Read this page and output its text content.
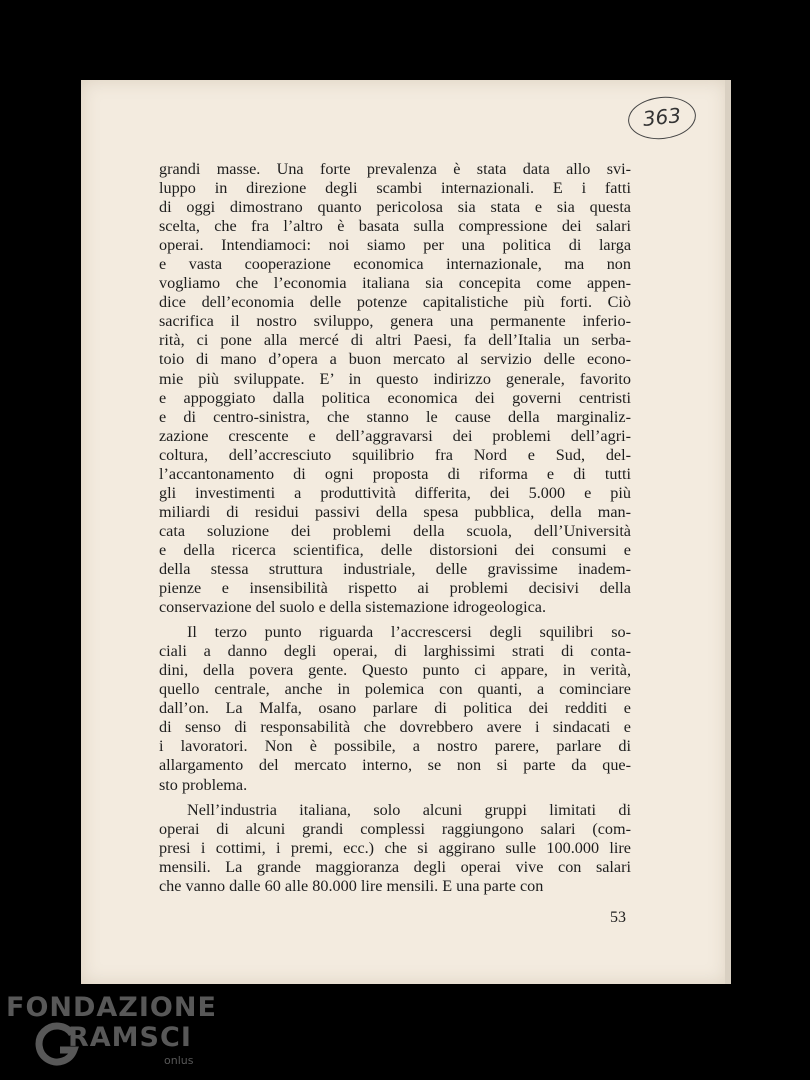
363
grandi masse. Una forte prevalenza è stata data allo svi-
luppo in direzione degli scambi internazionali. E i fatti
di oggi dimostrano quanto pericolosa sia stata e sia questa
scelta, che fra l’altro è basata sulla compressione dei salari
operai. Intendiamoci: noi siamo per una politica di larga
e vasta cooperazione economica internazionale, ma non
vogliamo che l’economia italiana sia concepita come appen-
dice dell’economia delle potenze capitalistiche più forti. Ciò
sacrifica il nostro sviluppo, genera una permanente inferio-
rità, ci pone alla mercé di altri Paesi, fa dell’Italia un serba-
toio di mano d’opera a buon mercato al servizio delle econo-
mie più sviluppate. E’ in questo indirizzo generale, favorito
e appoggiato dalla politica economica dei governi centristi
e di centro-sinistra, che stanno le cause della marginaliz-
zazione crescente e dell’aggravarsi dei problemi dell’agri-
coltura, dell’accresciuto squilibrio fra Nord e Sud, del-
l’accantonamento di ogni proposta di riforma e di tutti
gli investimenti a produttività differita, dei 5.000 e più
miliardi di residui passivi della spesa pubblica, della man-
cata soluzione dei problemi della scuola, dell’Università
e della ricerca scientifica, delle distorsioni dei consumi e
della stessa struttura industriale, delle gravissime inadem-
pienze e insensibilità rispetto ai problemi decisivi della
conservazione del suolo e della sistemazione idrogeologica.
Il terzo punto riguarda l’accrescersi degli squilibri so-
ciali a danno degli operai, di larghissimi strati di conta-
dini, della povera gente. Questo punto ci appare, in verità,
quello centrale, anche in polemica con quanti, a cominciare
dall’on. La Malfa, osano parlare di politica dei redditi e
di senso di responsabilità che dovrebbero avere i sindacati e
i lavoratori. Non è possibile, a nostro parere, parlare di
allargamento del mercato interno, se non si parte da que-
sto problema.
Nell’industria italiana, solo alcuni gruppi limitati di
operai di alcuni grandi complessi raggiungono salari (com-
presi i cottimi, i premi, ecc.) che si aggirano sulle 100.000 lire
mensili. La grande maggioranza degli operai vive con salari
che vanno dalle 60 alle 80.000 lire mensili. E una parte con
53
FONDAZIONE
RAMSCI
onlus
